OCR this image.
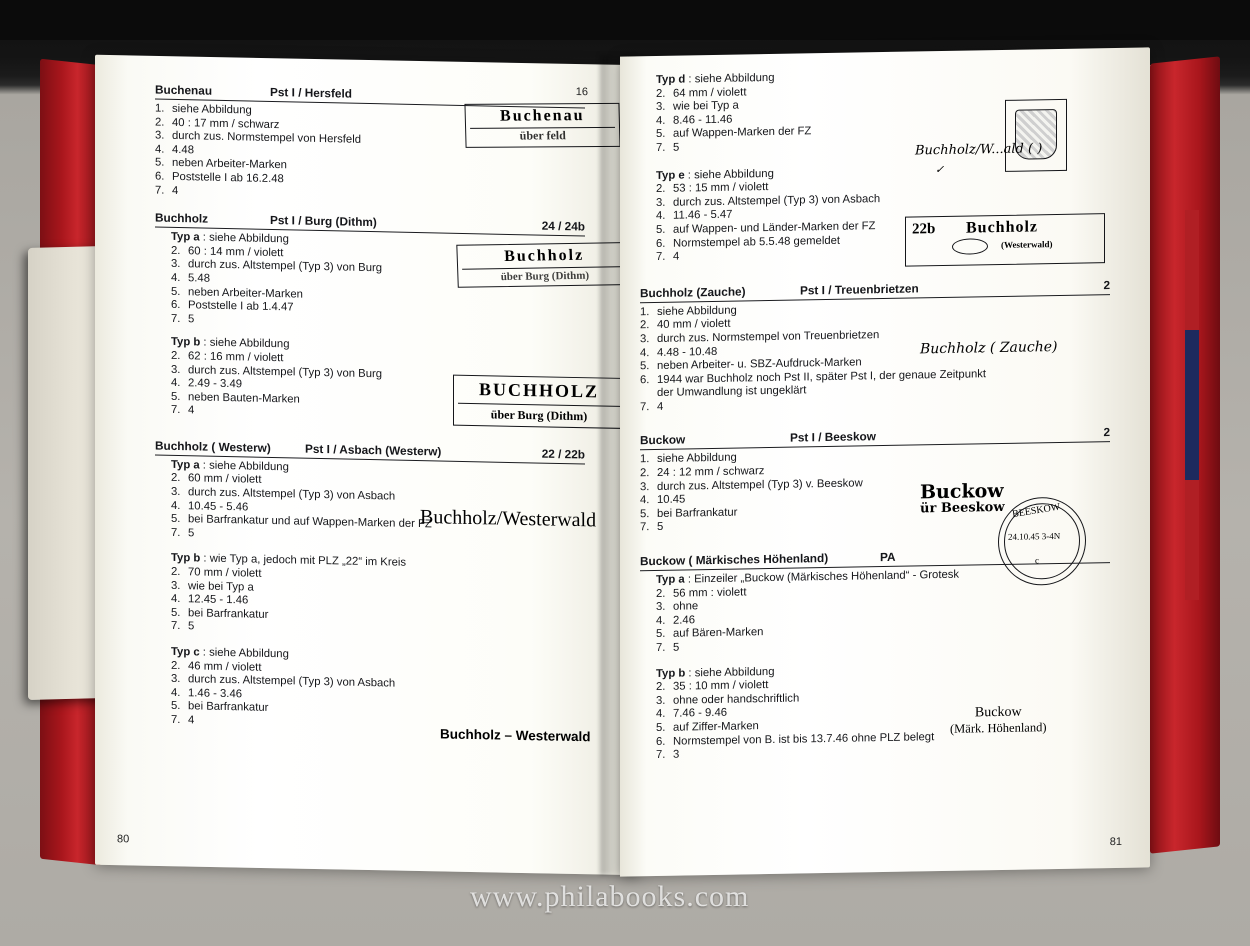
16
80
Buchenau	Pst I / Hersfeld
1. siehe Abbildung
2. 40 : 17 mm / schwarz
3. durch zus. Normstempel von Hersfeld
4. 4.48
5. neben Arbeiter-Marken
6. Poststelle I ab 16.2.48
7. 4
Buchholz	Pst I / Burg (Dithm)	24 / 24b
Typ a : siehe Abbildung
2. 60 : 14 mm / violett
3. durch zus. Altstempel (Typ 3) von Burg
4. 5.48
5. neben Arbeiter-Marken
6. Poststelle I ab 1.4.47
7. 5
Typ b : siehe Abbildung
2. 62 : 16 mm / violett
3. durch zus. Altstempel (Typ 3) von Burg
4. 2.49 - 3.49
5. neben Bauten-Marken
7. 4
Buchholz ( Westerw)	Pst I / Asbach (Westerw)	22 / 22b
Typ a : siehe Abbildung
2. 60 mm / violett
3. durch zus. Altstempel (Typ 3) von Asbach
4. 10.45 - 5.46
5. bei Barfrankatur und auf Wappen-Marken der FZ
7. 5
Typ b : wie Typ a, jedoch mit PLZ „22“ im Kreis
2. 70 mm / violett
3. wie bei Typ a
4. 12.45 - 1.46
5. bei Barfrankatur
7. 5
Typ c : siehe Abbildung
2. 46 mm / violett
3. durch zus. Altstempel (Typ 3) von Asbach
4. 1.46 - 3.46
5. bei Barfrankatur
7. 4
Buchenau
über feld
Buchholz
über Burg (Dithm)
BUCHHOLZ
über Burg (Dithm)
Buchholz/Westerwald
Buchholz – Westerwald
81
Typ d : siehe Abbildung
2. 64 mm / violett
3. wie bei Typ a
4. 8.46 - 11.46
5. auf Wappen-Marken der FZ
7. 5
Typ e : siehe Abbildung
2. 53 : 15 mm / violett
3. durch zus. Altstempel (Typ 3) von Asbach
4. 11.46 - 5.47
5. auf Wappen- und Länder-Marken der FZ
6. Normstempel ab 5.5.48 gemeldet
7. 4
Buchholz (Zauche)	Pst I / Treuenbrietzen	2
1. siehe Abbildung
2. 40 mm / violett
3. durch zus. Normstempel von Treuenbrietzen
4. 4.48 - 10.48
5. neben Arbeiter- u. SBZ-Aufdruck-Marken
6. 1944 war Buchholz noch Pst II, später Pst I, der genaue Zeitpunkt der Umwandlung ist ungeklärt
7. 4
Buckow	Pst I / Beeskow	2
1. siehe Abbildung
2. 24 : 12 mm / schwarz
3. durch zus. Altstempel (Typ 3) v. Beeskow
4. 10.45
5. bei Barfrankatur
7. 5
Buckow ( Märkisches Höhenland)	PA
Typ a : Einzeiler „Buckow (Märkisches Höhenland“ - Grotesk
2. 56 mm : violett
3. ohne
4. 2.46
5. auf Bären-Marken
7. 5
Typ b : siehe Abbildung
2. 35 : 10 mm / violett
3. ohne oder handschriftlich
4. 7.46 - 9.46
5. auf Ziffer-Marken
6. Normstempel von B. ist bis 13.7.46 ohne PLZ belegt
7. 3
Buchholz/W...ald ( )
✓
22b Buchholz
(Westerwald)
Buchholz ( Zauche)
Buckow
ür Beeskow BEESKOW
24.10.45 3-4N
c
Buckow
(Märk. Höhenland)
www.philabooks.com
